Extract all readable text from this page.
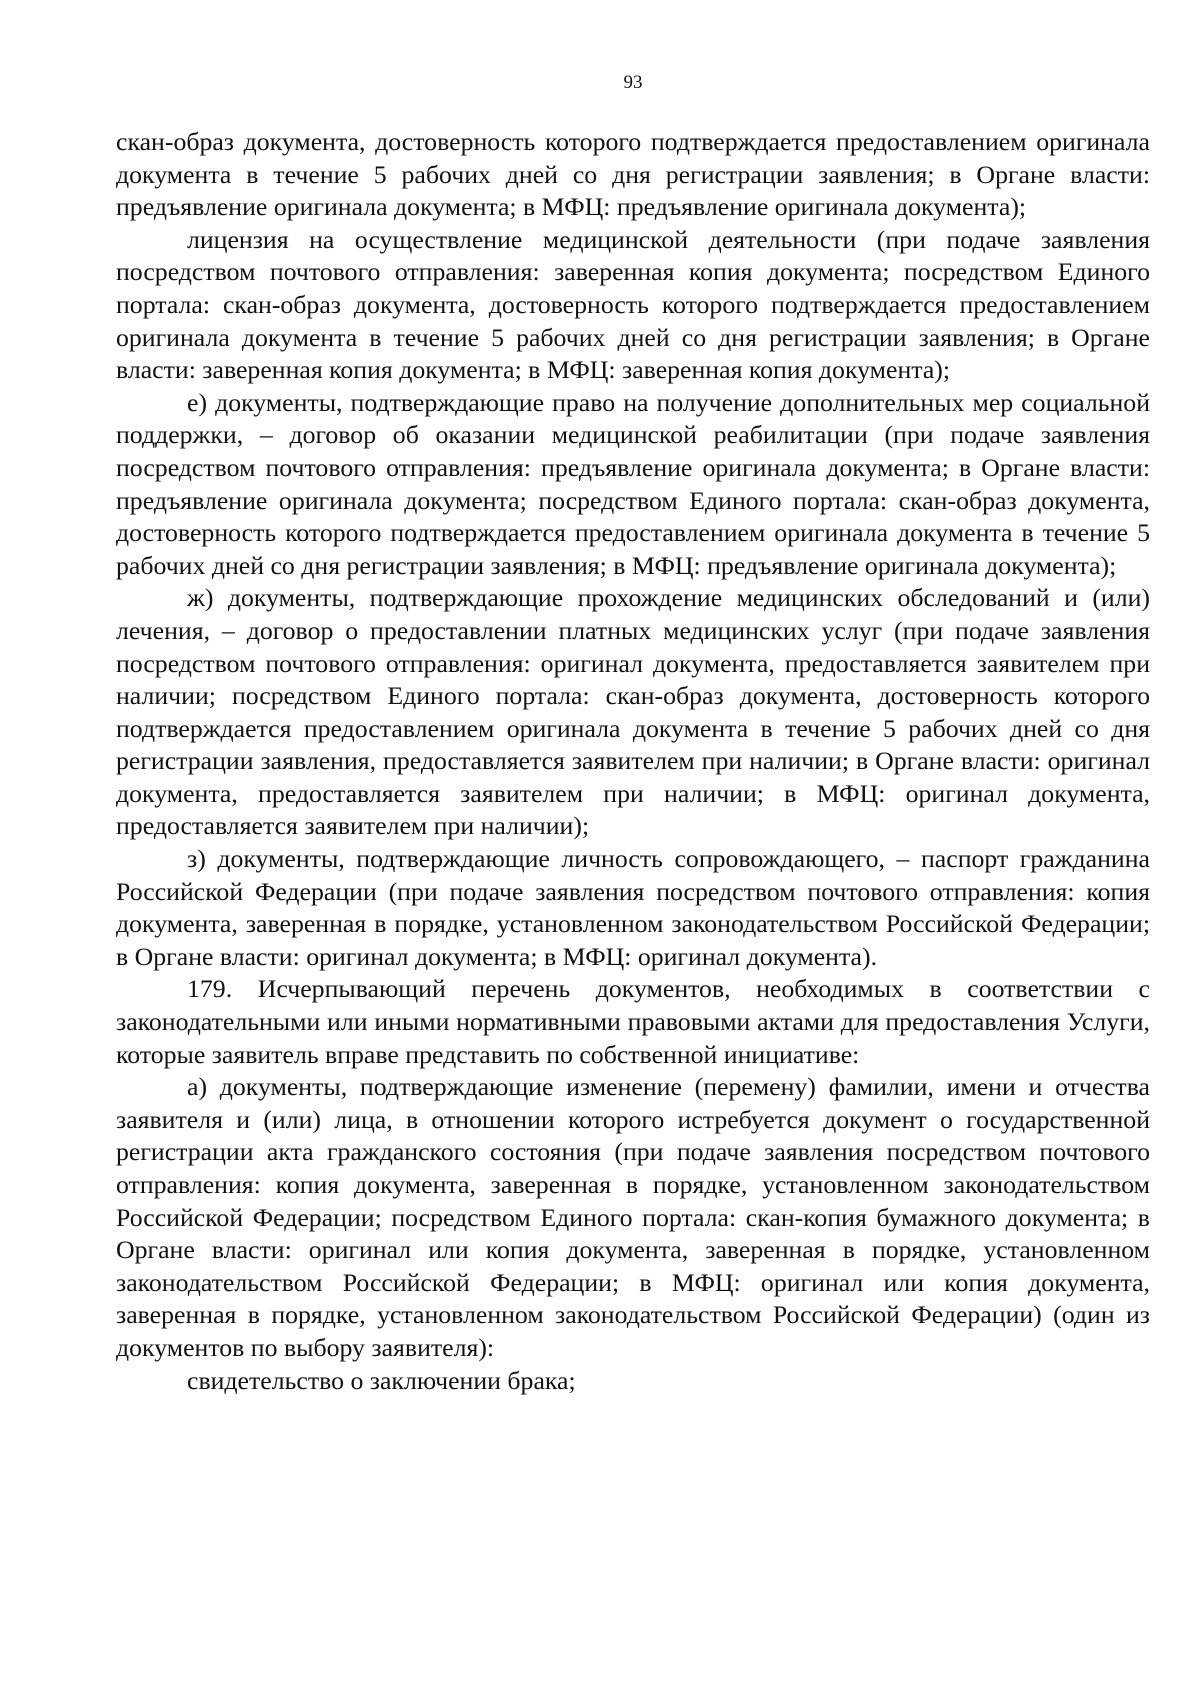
93

скан-образ документа, достоверность которого подтверждается предоставлением оригинала документа в течение 5 рабочих дней со дня регистрации заявления; в Органе власти: предъявление оригинала документа; в МФЦ: предъявление оригинала документа);

лицензия на осуществление медицинской деятельности (при подаче заявления посредством почтового отправления: заверенная копия документа; посредством Единого портала: скан-образ документа, достоверность которого подтверждается предоставлением оригинала документа в течение 5 рабочих дней со дня регистрации заявления; в Органе власти: заверенная копия документа; в МФЦ: заверенная копия документа);

е) документы, подтверждающие право на получение дополнительных мер социальной поддержки, – договор об оказании медицинской реабилитации (при подаче заявления посредством почтового отправления: предъявление оригинала документа; в Органе власти: предъявление оригинала документа; посредством Единого портала: скан-образ документа, достоверность которого подтверждается предоставлением оригинала документа в течение 5 рабочих дней со дня регистрации заявления; в МФЦ: предъявление оригинала документа);

ж) документы, подтверждающие прохождение медицинских обследований и (или) лечения, – договор о предоставлении платных медицинских услуг (при подаче заявления посредством почтового отправления: оригинал документа, предоставляется заявителем при наличии; посредством Единого портала: скан-образ документа, достоверность которого подтверждается предоставлением оригинала документа в течение 5 рабочих дней со дня регистрации заявления, предоставляется заявителем при наличии; в Органе власти: оригинал документа, предоставляется заявителем при наличии; в МФЦ: оригинал документа, предоставляется заявителем при наличии);

з) документы, подтверждающие личность сопровождающего, – паспорт гражданина Российской Федерации (при подаче заявления посредством почтового отправления: копия документа, заверенная в порядке, установленном законодательством Российской Федерации; в Органе власти: оригинал документа; в МФЦ: оригинал документа).

179. Исчерпывающий перечень документов, необходимых в соответствии с законодательными или иными нормативными правовыми актами для предоставления Услуги, которые заявитель вправе представить по собственной инициативе:

а) документы, подтверждающие изменение (перемену) фамилии, имени и отчества заявителя и (или) лица, в отношении которого истребуется документ о государственной регистрации акта гражданского состояния (при подаче заявления посредством почтового отправления: копия документа, заверенная в порядке, установленном законодательством Российской Федерации; посредством Единого портала: скан-копия бумажного документа; в Органе власти: оригинал или копия документа, заверенная в порядке, установленном законодательством Российской Федерации; в МФЦ: оригинал или копия документа, заверенная в порядке, установленном законодательством Российской Федерации) (один из документов по выбору заявителя):

свидетельство о заключении брака;
